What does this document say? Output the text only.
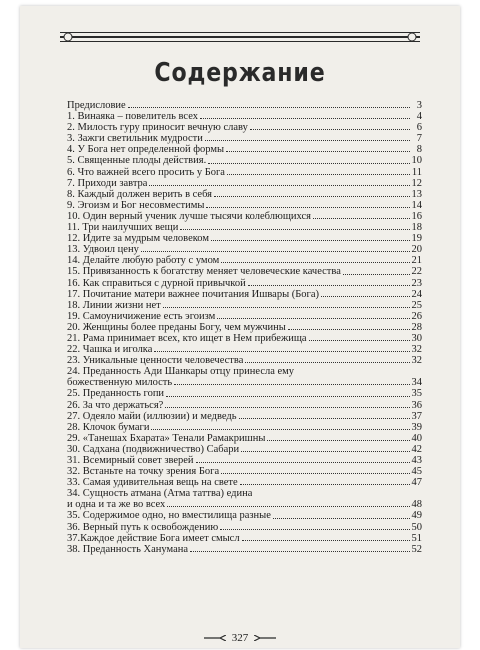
Содержание
Предисловие	3
1. Винаяка – повелитель всех	4
2. Милость гуру приносит вечную славу	6
3. Зажги светильник мудрости	7
4. У Бога нет определенной формы	8
5. Священные плоды действия.	10
6. Что важней всего просить у Бога	11
7. Приходи завтра	12
8. Каждый должен верить в себя	13
9. Эгоизм и Бог несовместимы	14
10. Один верный ученик лучше тысячи колеблющихся	16
11. Три наилучших вещи	18
12. Идите за мудрым человеком	19
13. Удвоил цену	20
14. Делайте любую работу с умом	21
15. Привязанность к богатству меняет человеческие качества	22
16. Как справиться с дурной привычкой	23
17. Почитание матери важнее почитания Ишвары (Бога)	24
18. Линии жизни нет	25
19. Самоуничижение есть эгоизм	26
20. Женщины более преданы Богу, чем мужчины	28
21. Рама принимает всех, кто ищет в Нем прибежища	30
22. Чашка и иголка	32
23. Уникальные ценности человечества	32
24. Преданность Ади Шанкары отцу принесла ему
божественную милость	34
25. Преданность гопи	35
26. За что держаться?	36
27. Одеяло майи (иллюзии) и медведь	37
28. Клочок бумаги	39
29. «Танешах Бхарата» Тенали Рамакришны	40
30. Садхана (подвижничество) Сабари	42
31. Всемирный совет зверей	43
32. Встаньте на точку зрения Бога	45
33. Самая удивительная вещь на свете	47
34. Сущность атмана (Атма таттва) едина
и одна и та же во всех	48
35. Содержимое одно, но вместилища разные	49
36. Верный путь к освобождению	50
37.Каждое действие Бога имеет смысл	51
38. Преданность Ханумана	52
327
